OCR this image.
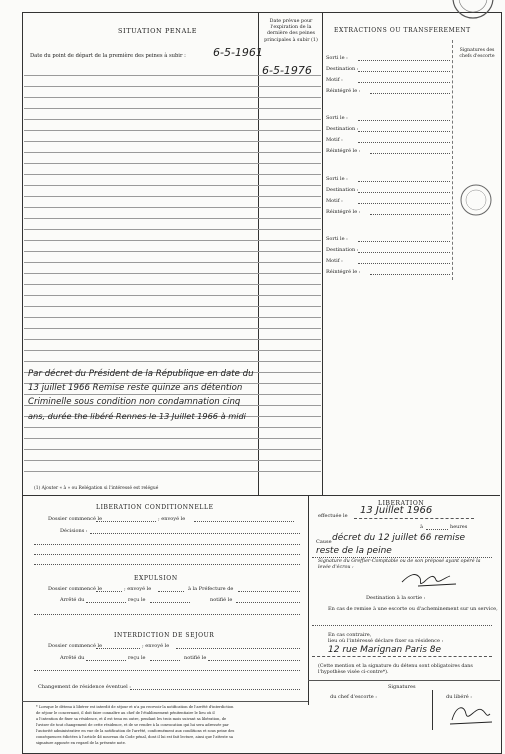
SITUATION PENALE
Date du point de départ de la première des peines à subir : 6-5-1961
Date prévue pour l'expiration de la dernière des peines principales à subir (1)
6-5-1976
EXTRACTIONS OU TRANSFEREMENT
Signatures des chefs d'escorte
Sorti le :
Destination :
Motif :
Réintégré le :
Sorti le :
Destination :
Motif :
Réintégré le :
Sorti le :
Destination :
Motif :
Réintégré le :
Sorti le :
Destination :
Motif :
Réintégré le :
Par décret du Président de la République en date du
13 juillet 1966 Remise reste quinze ans détention
Criminelle sous condition non condamnation cinq
ans, durée the libéré Rennes le 13 Juillet 1966 à midi
(1) Ajouter « à » ou Relégation si l'intéressé est relégué
LIBERATION CONDITIONNELLE
Dossier commencé le	; envoyé le
Décisions :
EXPULSION
Dossier commencé le	; envoyé le	à la Préfecture de
Arrêté du	reçu le	notifié le
INTERDICTION DE SEJOUR
Dossier commencé le	; envoyé le
Arrêté du	reçu le	notifié le
Changement de résidence éventuel :
LIBERATION
effectuée le 13 Juillet 1966
à	heures
Cause décret du 12 juillet 66 remise
reste de la peine
Signature du Greffier-Comptable ou de son préposé ayant opéré la levée d'écrou :
Destination à la sortie :
En cas de remise à une escorte ou d'acheminement sur un service,
En cas contraire,
lieu où l'intéressé déclare fixer sa résidence :
12 rue Marignan Paris 8e
(Cette mention et la signature du détenu sont obligatoires dans l'hypothèse visée ci-contre*).
Signatures
du chef d'escorte :	du libéré :
* Lorsque le détenu à libérer est interdit de séjour et n'a pu recevoir la notification de l'arrêté d'interdiction
de séjour le concernant, il doit faire connaître au chef de l'établissement pénitentiaire le lieu où il
a l'intention de fixer sa résidence, et il est tenu en outre, pendant les trois mois suivant sa libération, de
l'aviser de tout changement de cette résidence, et de se rendre à la convocation qui lui sera adressée par
l'autorité administrative en vue de la notification de l'arrêté, conformément aux conditions et sous peine des
conséquences édictées à l'article 46 nouveau du Code pénal, dont il lui est fait lecture, ainsi que l'atteste sa
signature apposée en regard de la présente note.
